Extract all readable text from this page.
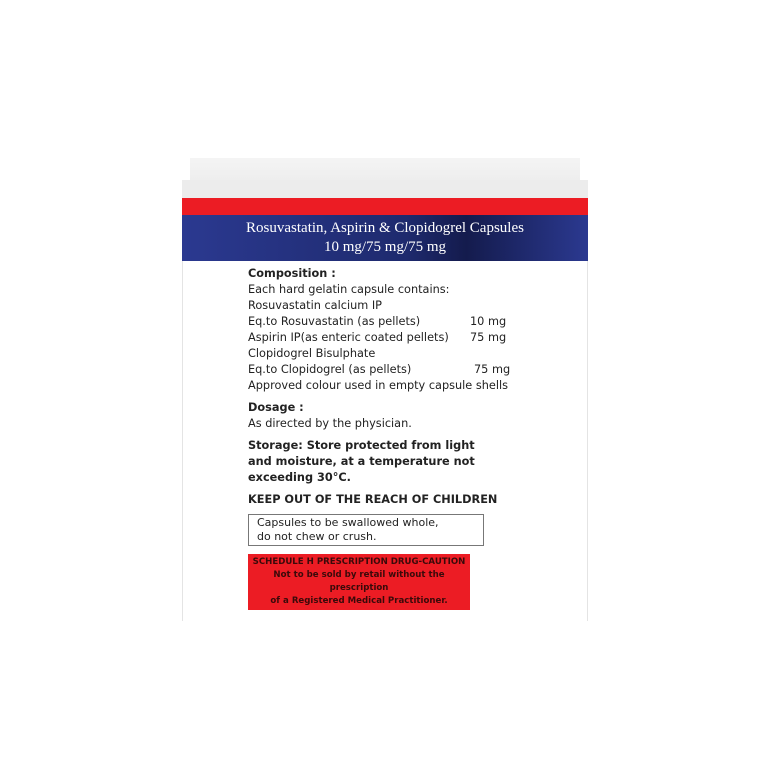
Rosuvastatin, Aspirin & Clopidogrel Capsules
10 mg/75 mg/75 mg
Composition :
Each hard gelatin capsule contains:
Rosuvastatin calcium IP
Eq.to Rosuvastatin (as pellets)	10 mg
Aspirin IP(as enteric coated pellets)	75 mg
Clopidogrel Bisulphate
Eq.to Clopidogrel (as pellets)	75 mg
Approved colour used in empty capsule shells
Dosage :
As directed by the physician.
Storage: Store protected from light
and moisture, at a temperature not
exceeding 30°C.
KEEP OUT OF THE REACH OF CHILDREN
Capsules to be swallowed whole,
do not chew or crush.
SCHEDULE H PRESCRIPTION DRUG-CAUTION
Not to be sold by retail without the prescription
of a Registered Medical Practitioner.
